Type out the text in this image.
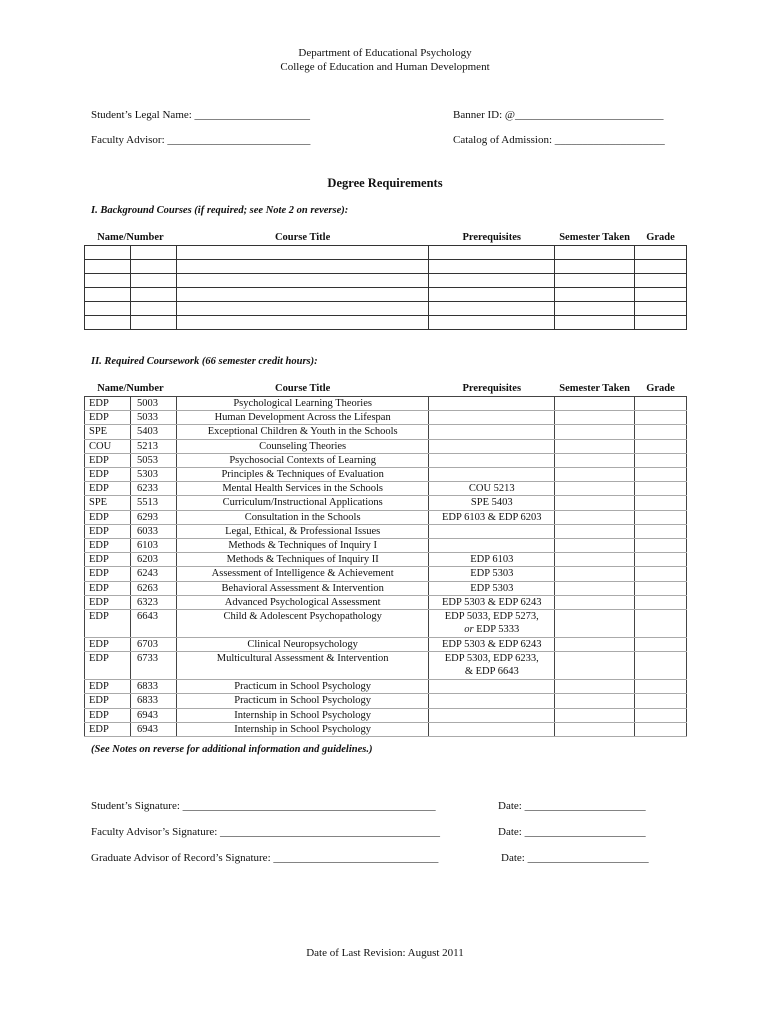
Department of Educational Psychology
College of Education and Human Development
Student’s Legal Name: _____________________	Banner ID: @___________________________
Faculty Advisor: __________________________	Catalog of Admission: ____________________
Degree Requirements
I. Background Courses (if required; see Note 2 on reverse):
Name/Number		Course Title	Prerequisites	Semester Taken	Grade

II. Required Coursework (66 semester credit hours):
Name/Number		Course Title	Prerequisites	Semester Taken	Grade
EDP	5003	Psychological Learning Theories	

EDP	5033	Human Development Across the Lifespan	

SPE	5403	Exceptional Children & Youth in the Schools	

COU	5213	Counseling Theories	

EDP	5053	Psychosocial Contexts of Learning	

EDP	5303	Principles & Techniques of Evaluation	

EDP	6233	Mental Health Services in the Schools	COU 5213		

SPE	5513	Curriculum/Instructional Applications	SPE 5403		

EDP	6293	Consultation in the Schools	EDP 6103 & EDP 6203		

EDP	6033	Legal, Ethical, & Professional Issues	

EDP	6103	Methods & Techniques of Inquiry I	

EDP	6203	Methods & Techniques of Inquiry II	EDP 6103		

EDP	6243	Assessment of Intelligence & Achievement	EDP 5303		

EDP	6263	Behavioral Assessment & Intervention	EDP 5303		

EDP	6323	Advanced Psychological Assessment	EDP 5303 & EDP 6243		

EDP	6643	Child & Adolescent Psychopathology	EDP 5033, EDP 5273,
or EDP 5333		

EDP	6703	Clinical Neuropsychology	EDP 5303 & EDP 6243		

EDP	6733	Multicultural Assessment & Intervention	EDP 5303, EDP 6233,
& EDP 6643		

EDP	6833	Practicum in School Psychology	

EDP	6833	Practicum in School Psychology	

EDP	6943	Internship in School Psychology	

EDP	6943	Internship in School Psychology	

(See Notes on reverse for additional information and guidelines.)
Student’s Signature: ______________________________________________	Date: ______________________
Faculty Advisor’s Signature: ________________________________________	Date: ______________________
Graduate Advisor of Record’s Signature: ______________________________	Date: ______________________
Date of Last Revision: August 2011
